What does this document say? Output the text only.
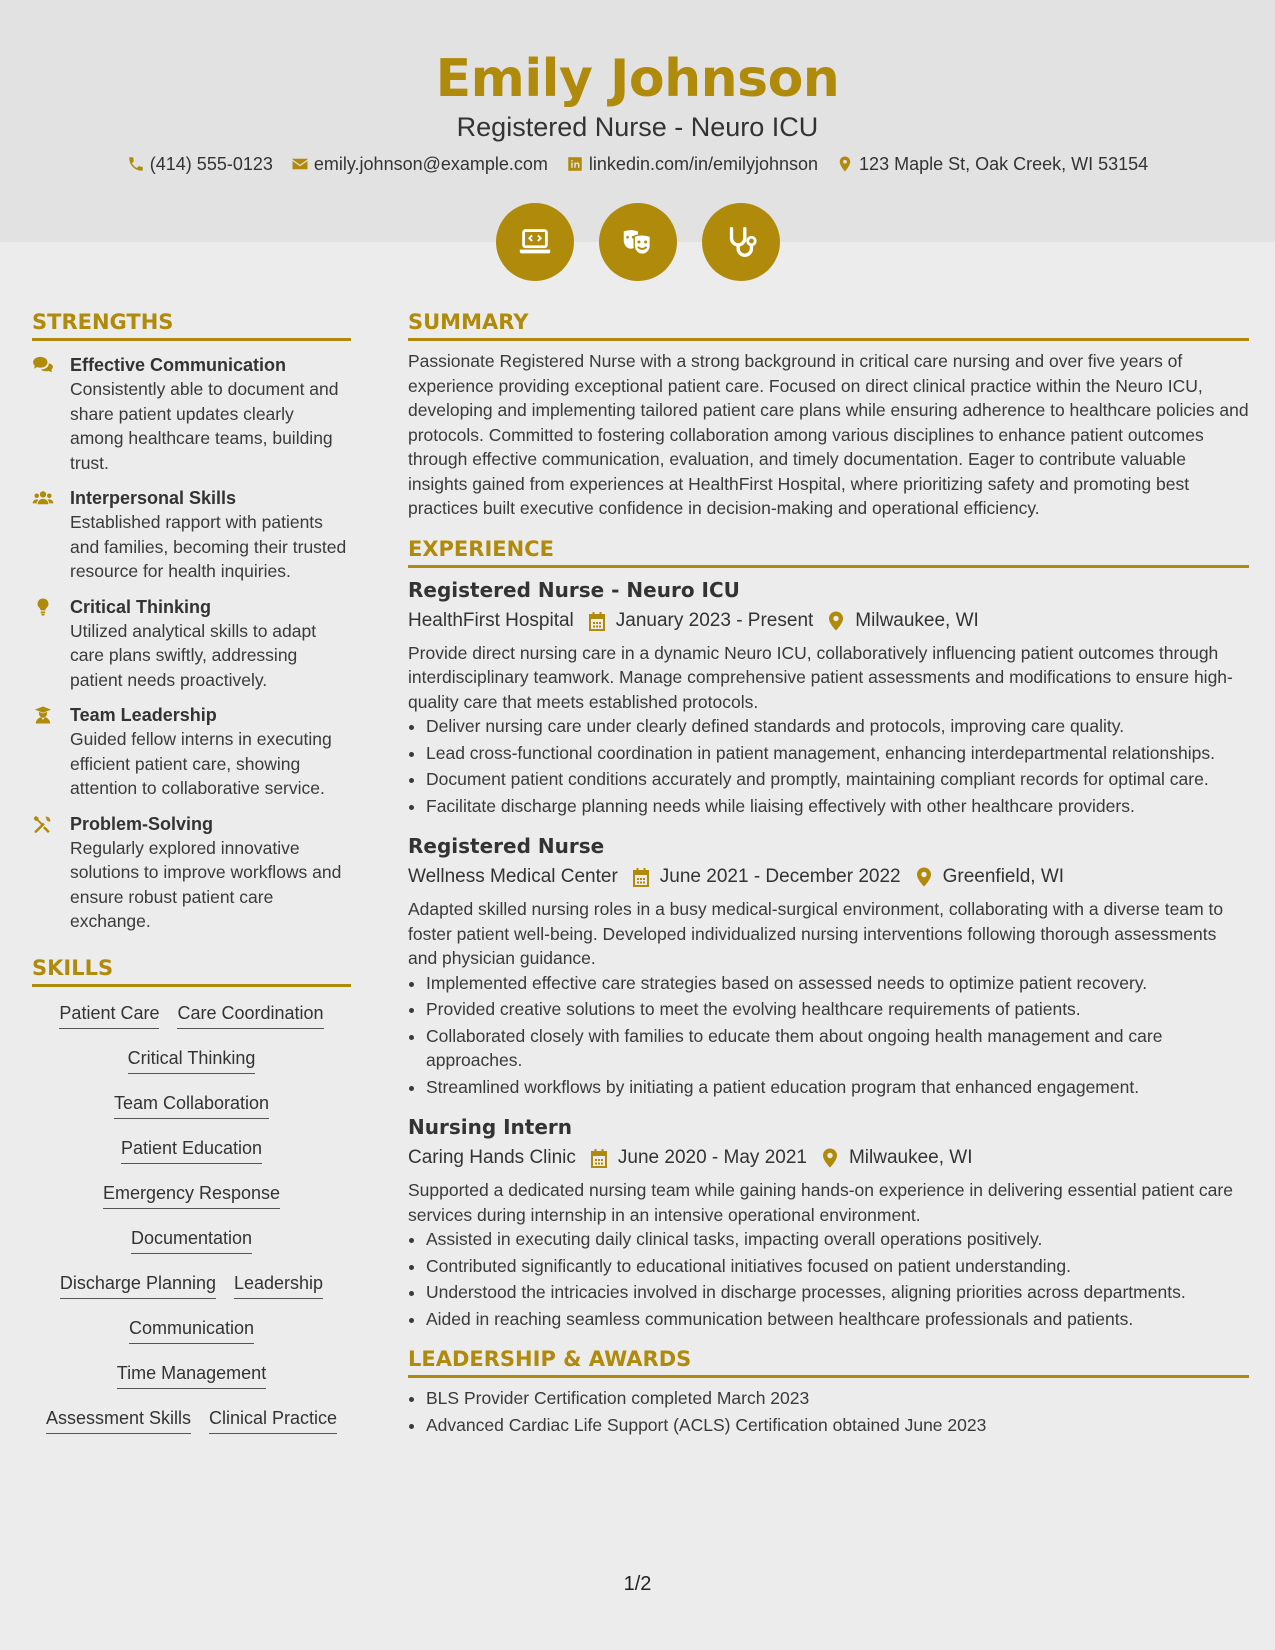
Emily Johnson
Registered Nurse - Neuro ICU
(414) 555-0123 emily.johnson@example.com linkedin.com/in/emilyjohnson 123 Maple St, Oak Creek, WI 53154
STRENGTHS
Effective Communication
Consistently able to document and share patient updates clearly among healthcare teams, building trust.
Interpersonal Skills
Established rapport with patients and families, becoming their trusted resource for health inquiries.
Critical Thinking
Utilized analytical skills to adapt care plans swiftly, addressing patient needs proactively.
Team Leadership
Guided fellow interns in executing efficient patient care, showing attention to collaborative service.
Problem-Solving
Regularly explored innovative solutions to improve workflows and ensure robust patient care exchange.
SKILLS
Patient Care Care Coordination
Critical Thinking
Team Collaboration
Patient Education
Emergency Response
Documentation
Discharge Planning Leadership
Communication
Time Management
Assessment Skills Clinical Practice
SUMMARY

Passionate Registered Nurse with a strong background in critical care nursing and over five years of experience providing exceptional patient care. Focused on direct clinical practice within the Neuro ICU, developing and implementing tailored patient care plans while ensuring adherence to healthcare policies and protocols. Committed to fostering collaboration among various disciplines to enhance patient outcomes through effective communication, evaluation, and timely documentation. Eager to contribute valuable insights gained from experiences at HealthFirst Hospital, where prioritizing safety and promoting best practices built executive confidence in decision-making and operational efficiency.

EXPERIENCE
Registered Nurse - Neuro ICU
HealthFirst Hospital January 2023 - Present Milwaukee, WI
Provide direct nursing care in a dynamic Neuro ICU, collaboratively influencing patient outcomes through interdisciplinary teamwork. Manage comprehensive patient assessments and modifications to ensure high-quality care that meets established protocols.
• Deliver nursing care under clearly defined standards and protocols, improving care quality.
• Lead cross-functional coordination in patient management, enhancing interdepartmental relationships.
• Document patient conditions accurately and promptly, maintaining compliant records for optimal care.
• Facilitate discharge planning needs while liaising effectively with other healthcare providers.
Registered Nurse
Wellness Medical Center June 2021 - December 2022 Greenfield, WI
Adapted skilled nursing roles in a busy medical-surgical environment, collaborating with a diverse team to foster patient well-being. Developed individualized nursing interventions following thorough assessments and physician guidance.
• Implemented effective care strategies based on assessed needs to optimize patient recovery.
• Provided creative solutions to meet the evolving healthcare requirements of patients.
• Collaborated closely with families to educate them about ongoing health management and care approaches.
• Streamlined workflows by initiating a patient education program that enhanced engagement.
Nursing Intern
Caring Hands Clinic June 2020 - May 2021 Milwaukee, WI
Supported a dedicated nursing team while gaining hands-on experience in delivering essential patient care services during internship in an intensive operational environment.
• Assisted in executing daily clinical tasks, impacting overall operations positively.
• Contributed significantly to educational initiatives focused on patient understanding.
• Understood the intricacies involved in discharge processes, aligning priorities across departments.
• Aided in reaching seamless communication between healthcare professionals and patients.
LEADERSHIP & AWARDS
• BLS Provider Certification completed March 2023
• Advanced Cardiac Life Support (ACLS) Certification obtained June 2023
1/2
